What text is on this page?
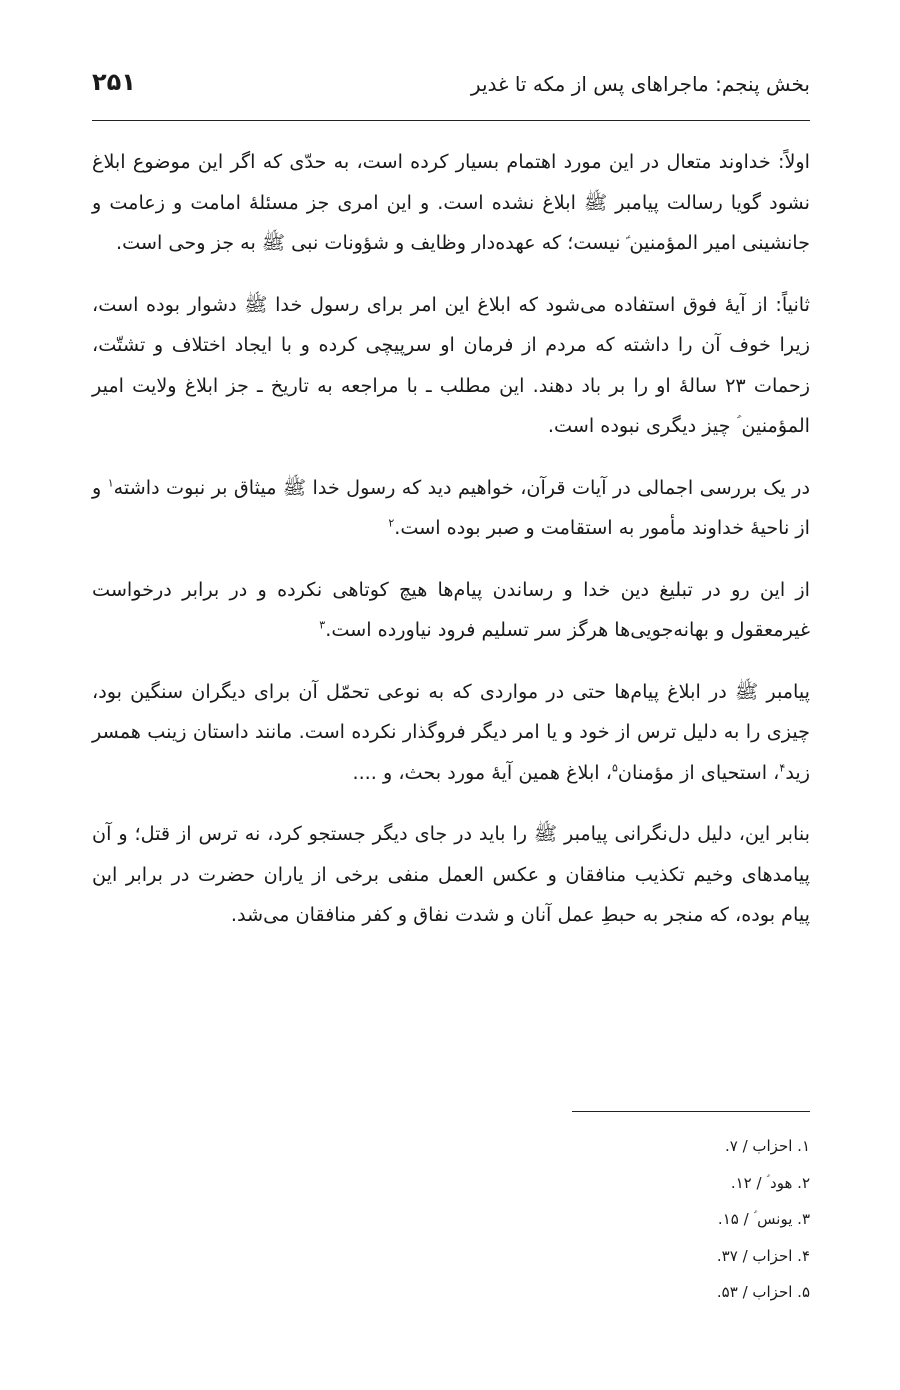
بخش پنجم: ماجراهای پس از مکه تا غدیر
۲۵۱

اولاً: خداوند متعال در این مورد اهتمام بسیار کرده است، به حدّی که اگر این موضوع ابلاغ نشود گویا رسالت پیامبر ﷺ ابلاغ نشده است. و این امری جز مسئلهٔ امامت و زعامت و جانشینی امیر المؤمنین ؑ نیست؛ که عهده‌دار وظایف و شؤونات نبی ﷺ به جز وحی است.

ثانیاً: از آیهٔ فوق استفاده می‌شود که ابلاغ این امر برای رسول خدا ﷺ دشوار بوده است، زیرا خوف آن را داشته که مردم از فرمان او سرپیچی کرده و با ایجاد اختلاف و تشتّت، زحمات ۲۳ سالهٔ او را بر باد دهند. این مطلب ـ با مراجعه به تاریخ ـ جز ابلاغ ولایت امیر المؤمنین ؑ چیز دیگری نبوده است.

در یک بررسی اجمالی در آیات قرآن، خواهیم دید که رسول خدا ﷺ میثاق بر نبوت داشته$^۱$ و از ناحیهٔ خداوند مأمور به استقامت و صبر بوده است.$^۲$

از این رو در تبلیغ دین خدا و رساندن پیام‌ها هیچ کوتاهی نکرده و در برابر درخواست غیرمعقول و بهانه‌جویی‌ها هرگز سر تسلیم فرود نیاورده است.$^۳$

پیامبر ﷺ در ابلاغ پیام‌ها حتی در مواردی که به نوعی تحمّل آن برای دیگران سنگین بود، چیزی را به دلیل ترس از خود و یا امر دیگر فروگذار نکرده است. مانند داستان زینب همسر زید$^۴$، استحیای از مؤمنان$^۵$، ابلاغ همین آیهٔ مورد بحث، و ....

بنابر این، دلیل دل‌نگرانی پیامبر ﷺ را باید در جای دیگر جستجو کرد، نه ترس از قتل؛ و آن پیامدهای وخیم تکذیب منافقان و عکس العمل منفی برخی از یاران حضرت در برابر این پیام بوده، که منجر به حبطِ عمل آنان و شدت نفاق و کفر منافقان می‌شد.

۱. احزاب / ۷.
۲. هود ؑ / ۱۲.
۳. یونس ؑ / ۱۵.
۴. احزاب / ۳۷.
۵. احزاب / ۵۳.
